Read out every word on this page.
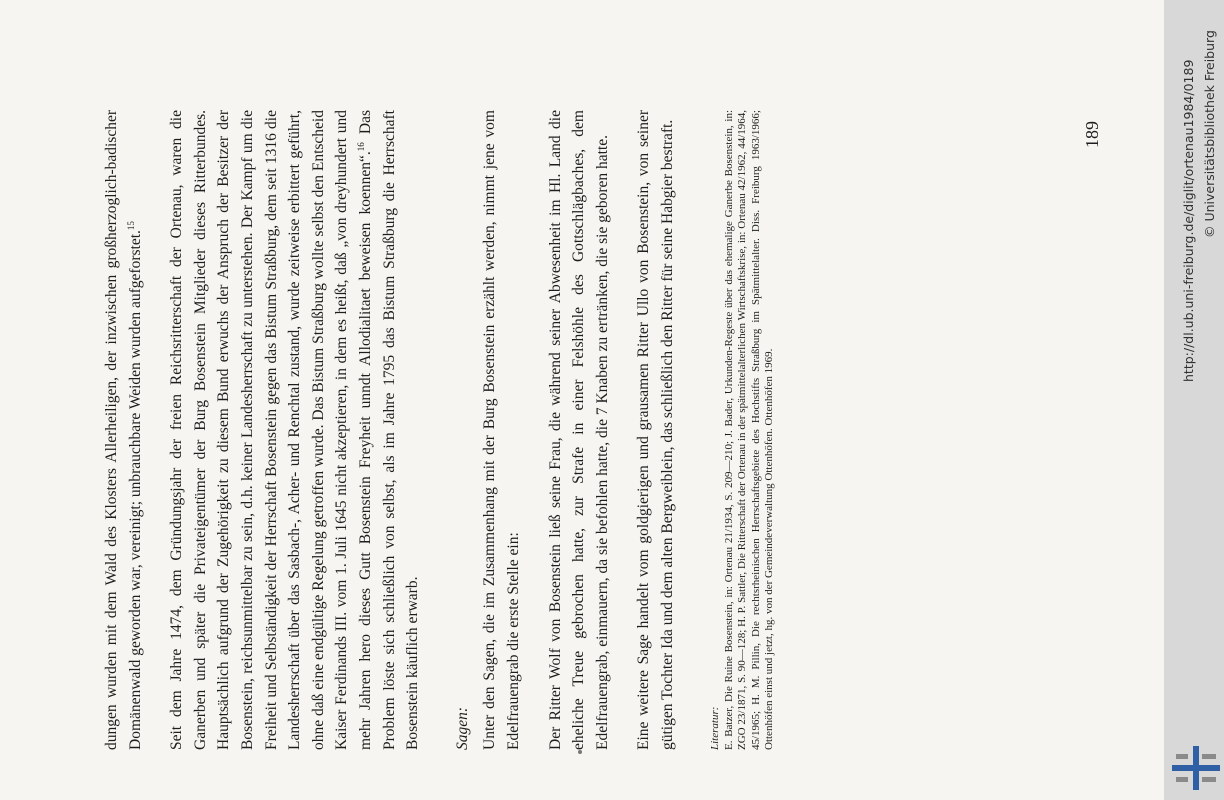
dungen wurden mit dem Wald des Klosters Allerheiligen, der inzwischen großherzoglich-badischer Domänenwald geworden war, vereinigt; unbrauchbare Weiden wurden aufgeforstet.$^{15}$	Seit dem Jahre 1474, dem Gründungsjahr der freien Reichsritterschaft der Ortenau, waren die Ganerben und später die Privateigentümer der Burg Bosenstein Mitglieder dieses Ritterbundes. Hauptsächlich aufgrund der Zugehörigkeit zu diesem Bund erwuchs der Anspruch der Besitzer der Bosenstein, reichsunmittelbar zu sein, d.h. keiner Landesherrschaft zu unterstehen. Der Kampf um die Freiheit und Selbständigkeit der Herrschaft Bosenstein gegen das Bistum Straßburg, dem seit 1316 die Landesherrschaft über das Sasbach-, Acher- und Renchtal zustand, wurde zeitweise erbittert geführt, ohne daß eine endgültige Regelung getroffen wurde. Das Bistum Straßburg wollte selbst den Entscheid Kaiser Ferdinands III. vom 1. Juli 1645 nicht akzeptieren, in dem es heißt, daß „von dreyhundert und mehr Jahren hero dieses Gutt Bosenstein Freyheit unndt Allodialitaet beweisen koennen“.$^{16}$ Das Problem löste sich schließlich von selbst, als im Jahre 1795 das Bistum Straßburg die Herrschaft Bosenstein käuflich erwarb. Sagen: Unter den Sagen, die im Zusammenhang mit der Burg Bosenstein erzählt werden, nimmt jene vom Edelfrauengrab die erste Stelle ein: Der Ritter Wolf von Bosenstein ließ seine Frau, die während seiner Abwesenheit im Hl. Land die eheliche Treue gebrochen hatte, zur Strafe in einer Felshöhle des Gottschlägbaches, dem Edelfrauengrab, einmauern, da sie befohlen hatte, die 7 Knaben zu ertränken, die sie geboren hatte. Eine weitere Sage handelt vom goldgierigen und grausamen Ritter Ullo von Bosenstein, von seiner gütigen Tochter Ida und dem alten Bergweiblein, das schließlich den Ritter für seine Habgier bestraft.	Literatur: E. Batzer, Die Ruine Bosenstein, in: Ortenau 21/1934, S. 209—210; J. Bader, Urkunden-Regeste über das ehemalige Ganerbe Bosenstein, in: ZGO 23/1871, S. 90—128; H. P. Sattler, Die Ritterschaft der Ortenau in der spätmittelalterlichen Wirtschaftskrise, in: Ortenau 42/1962, 44/1964, 45/1965; H. M. Pillin, Die rechtsrheinischen Herrschaftsgebiete des Hochstifts Straßburg im Spätmittelalter. Diss. Freiburg 1963/1966; Ottenhöfen einst und jetzt, hg. von der Gemeindeverwaltung Ottenhöfen. Ottenhöfen 1969.
189	http://dl.ub.uni-freiburg.de/diglit/ortenau1984/0189 © Universitätsbibliothek Freiburg
